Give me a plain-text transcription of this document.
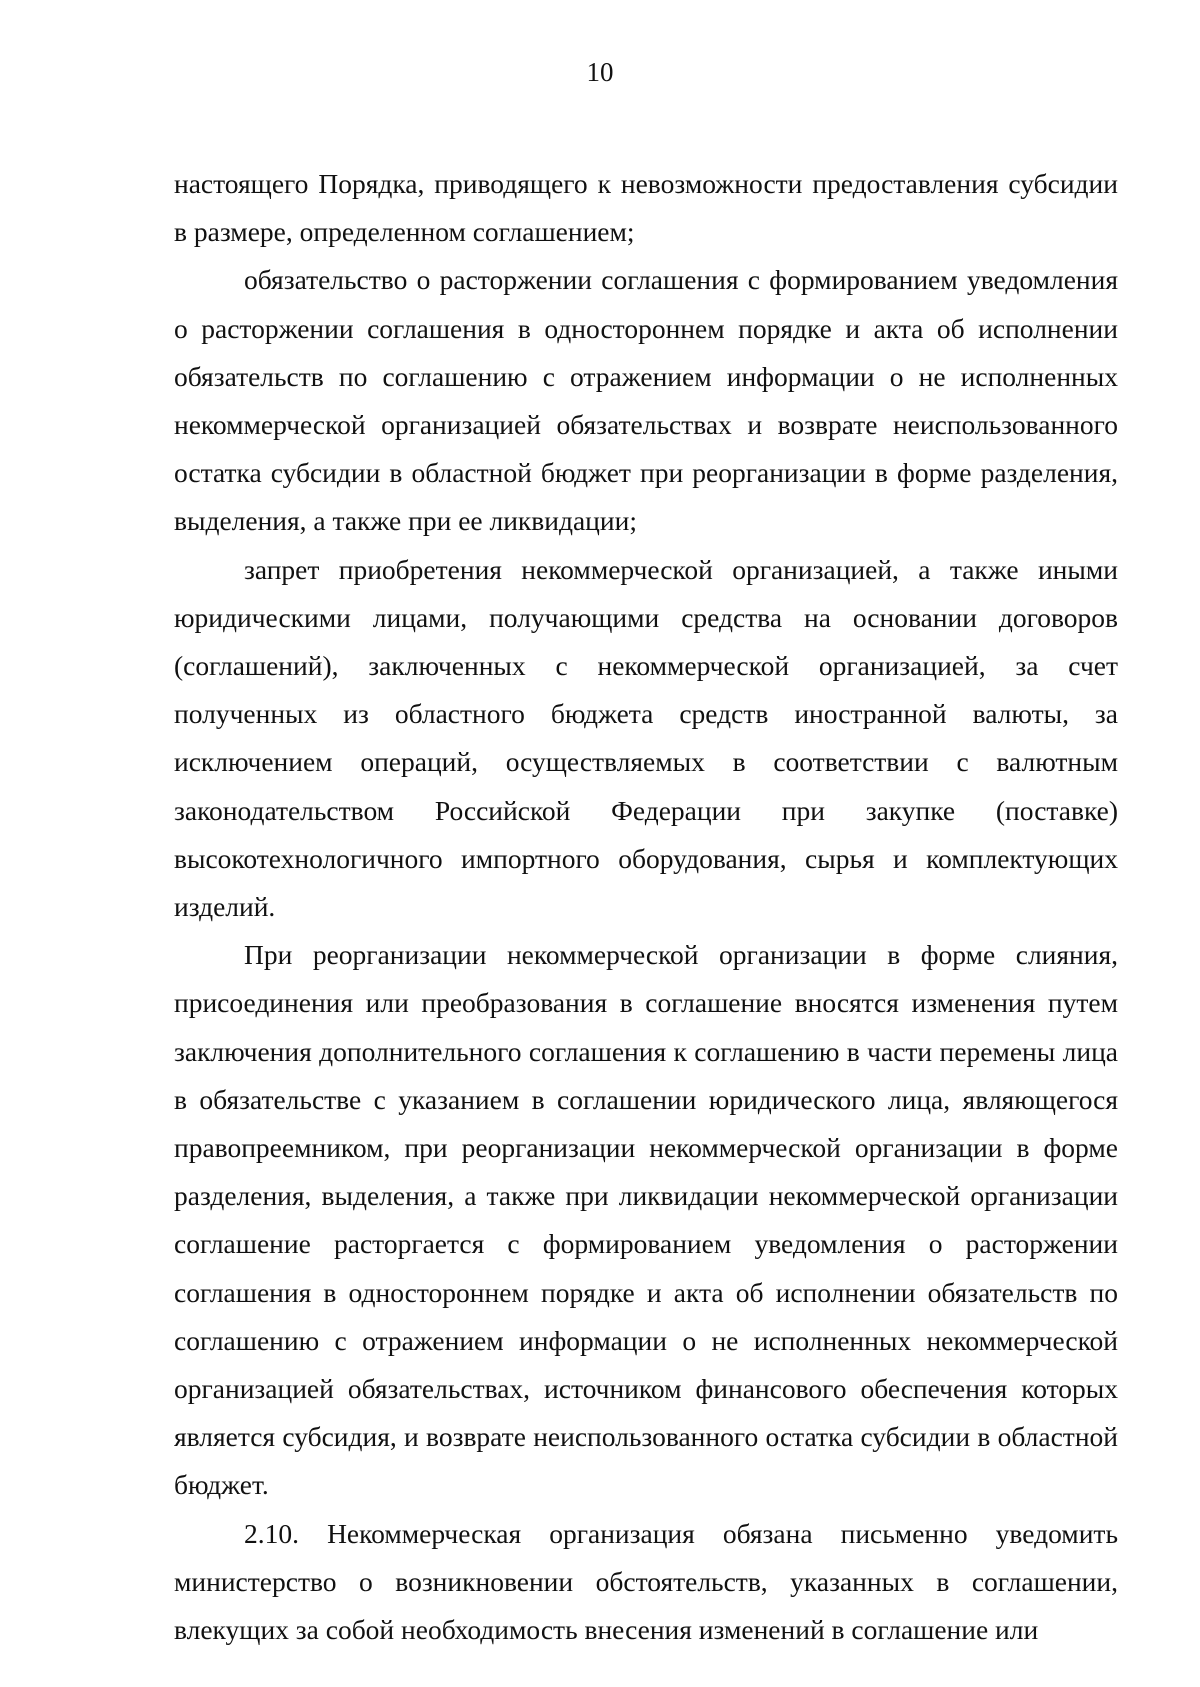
10

настоящего Порядка, приводящего к невозможности предоставления субсидии в размере, определенном соглашением;

обязательство о расторжении соглашения с формированием уведомления о расторжении соглашения в одностороннем порядке и акта об исполнении обязательств по соглашению с отражением информации о не исполненных некоммерческой организацией обязательствах и возврате неиспользованного остатка субсидии в областной бюджет при реорганизации в форме разделения, выделения, а также при ее ликвидации;

запрет приобретения некоммерческой организацией, а также иными юридическими лицами, получающими средства на основании договоров (соглашений), заключенных с некоммерческой организацией, за счет полученных из областного бюджета средств иностранной валюты, за исключением операций, осуществляемых в соответствии с валютным законодательством Российской Федерации при закупке (поставке) высокотехнологичного импортного оборудования, сырья и комплектующих изделий.

При реорганизации некоммерческой организации в форме слияния, присоединения или преобразования в соглашение вносятся изменения путем заключения дополнительного соглашения к соглашению в части перемены лица в обязательстве с указанием в соглашении юридического лица, являющегося правопреемником, при реорганизации некоммерческой организации в форме разделения, выделения, а также при ликвидации некоммерческой организации соглашение расторгается с формированием уведомления о расторжении соглашения в одностороннем порядке и акта об исполнении обязательств по соглашению с отражением информации о не исполненных некоммерческой организацией обязательствах, источником финансового обеспечения которых является субсидия, и возврате неиспользованного остатка субсидии в областной бюджет.

2.10. Некоммерческая организация обязана письменно уведомить министерство о возникновении обстоятельств, указанных в соглашении, влекущих за собой необходимость внесения изменений в соглашение или
